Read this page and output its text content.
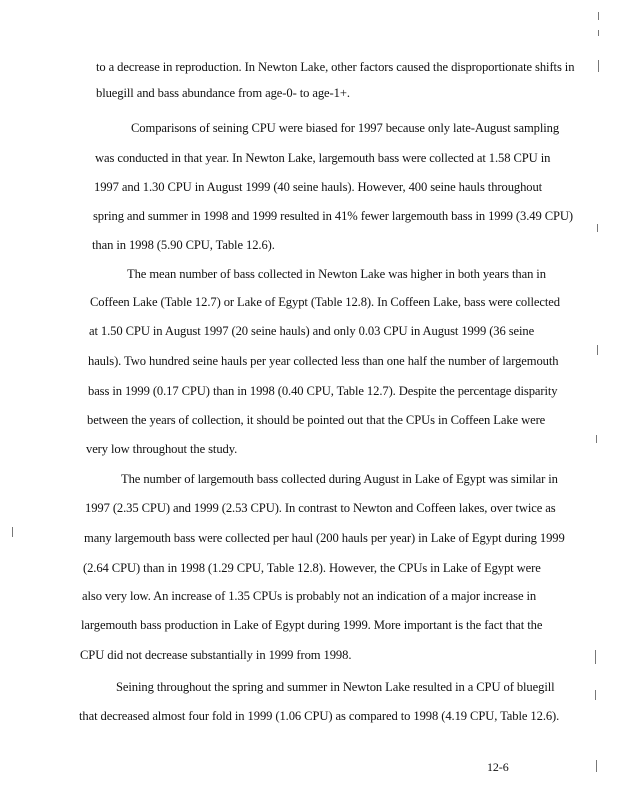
to a decrease in reproduction. In Newton Lake, other factors caused the disproportionate shifts in
bluegill and bass abundance from age-0- to age-1+.
Comparisons of seining CPU were biased for 1997 because only late-August sampling
was conducted in that year. In Newton Lake, largemouth bass were collected at 1.58 CPU in
1997 and 1.30 CPU in August 1999 (40 seine hauls). However, 400 seine hauls throughout
spring and summer in 1998 and 1999 resulted in 41% fewer largemouth bass in 1999 (3.49 CPU)
than in 1998 (5.90 CPU, Table 12.6).
The mean number of bass collected in Newton Lake was higher in both years than in
Coffeen Lake (Table 12.7) or Lake of Egypt (Table 12.8). In Coffeen Lake, bass were collected
at 1.50 CPU in August 1997 (20 seine hauls) and only 0.03 CPU in August 1999 (36 seine
hauls). Two hundred seine hauls per year collected less than one half the number of largemouth
bass in 1999 (0.17 CPU) than in 1998 (0.40 CPU, Table 12.7). Despite the percentage disparity
between the years of collection, it should be pointed out that the CPUs in Coffeen Lake were
very low throughout the study.
The number of largemouth bass collected during August in Lake of Egypt was similar in
1997 (2.35 CPU) and 1999 (2.53 CPU). In contrast to Newton and Coffeen lakes, over twice as
many largemouth bass were collected per haul (200 hauls per year) in Lake of Egypt during 1999
(2.64 CPU) than in 1998 (1.29 CPU, Table 12.8). However, the CPUs in Lake of Egypt were
also very low. An increase of 1.35 CPUs is probably not an indication of a major increase in
largemouth bass production in Lake of Egypt during 1999. More important is the fact that the
CPU did not decrease substantially in 1999 from 1998.
Seining throughout the spring and summer in Newton Lake resulted in a CPU of bluegill
that decreased almost four fold in 1999 (1.06 CPU) as compared to 1998 (4.19 CPU, Table 12.6).
12-6
